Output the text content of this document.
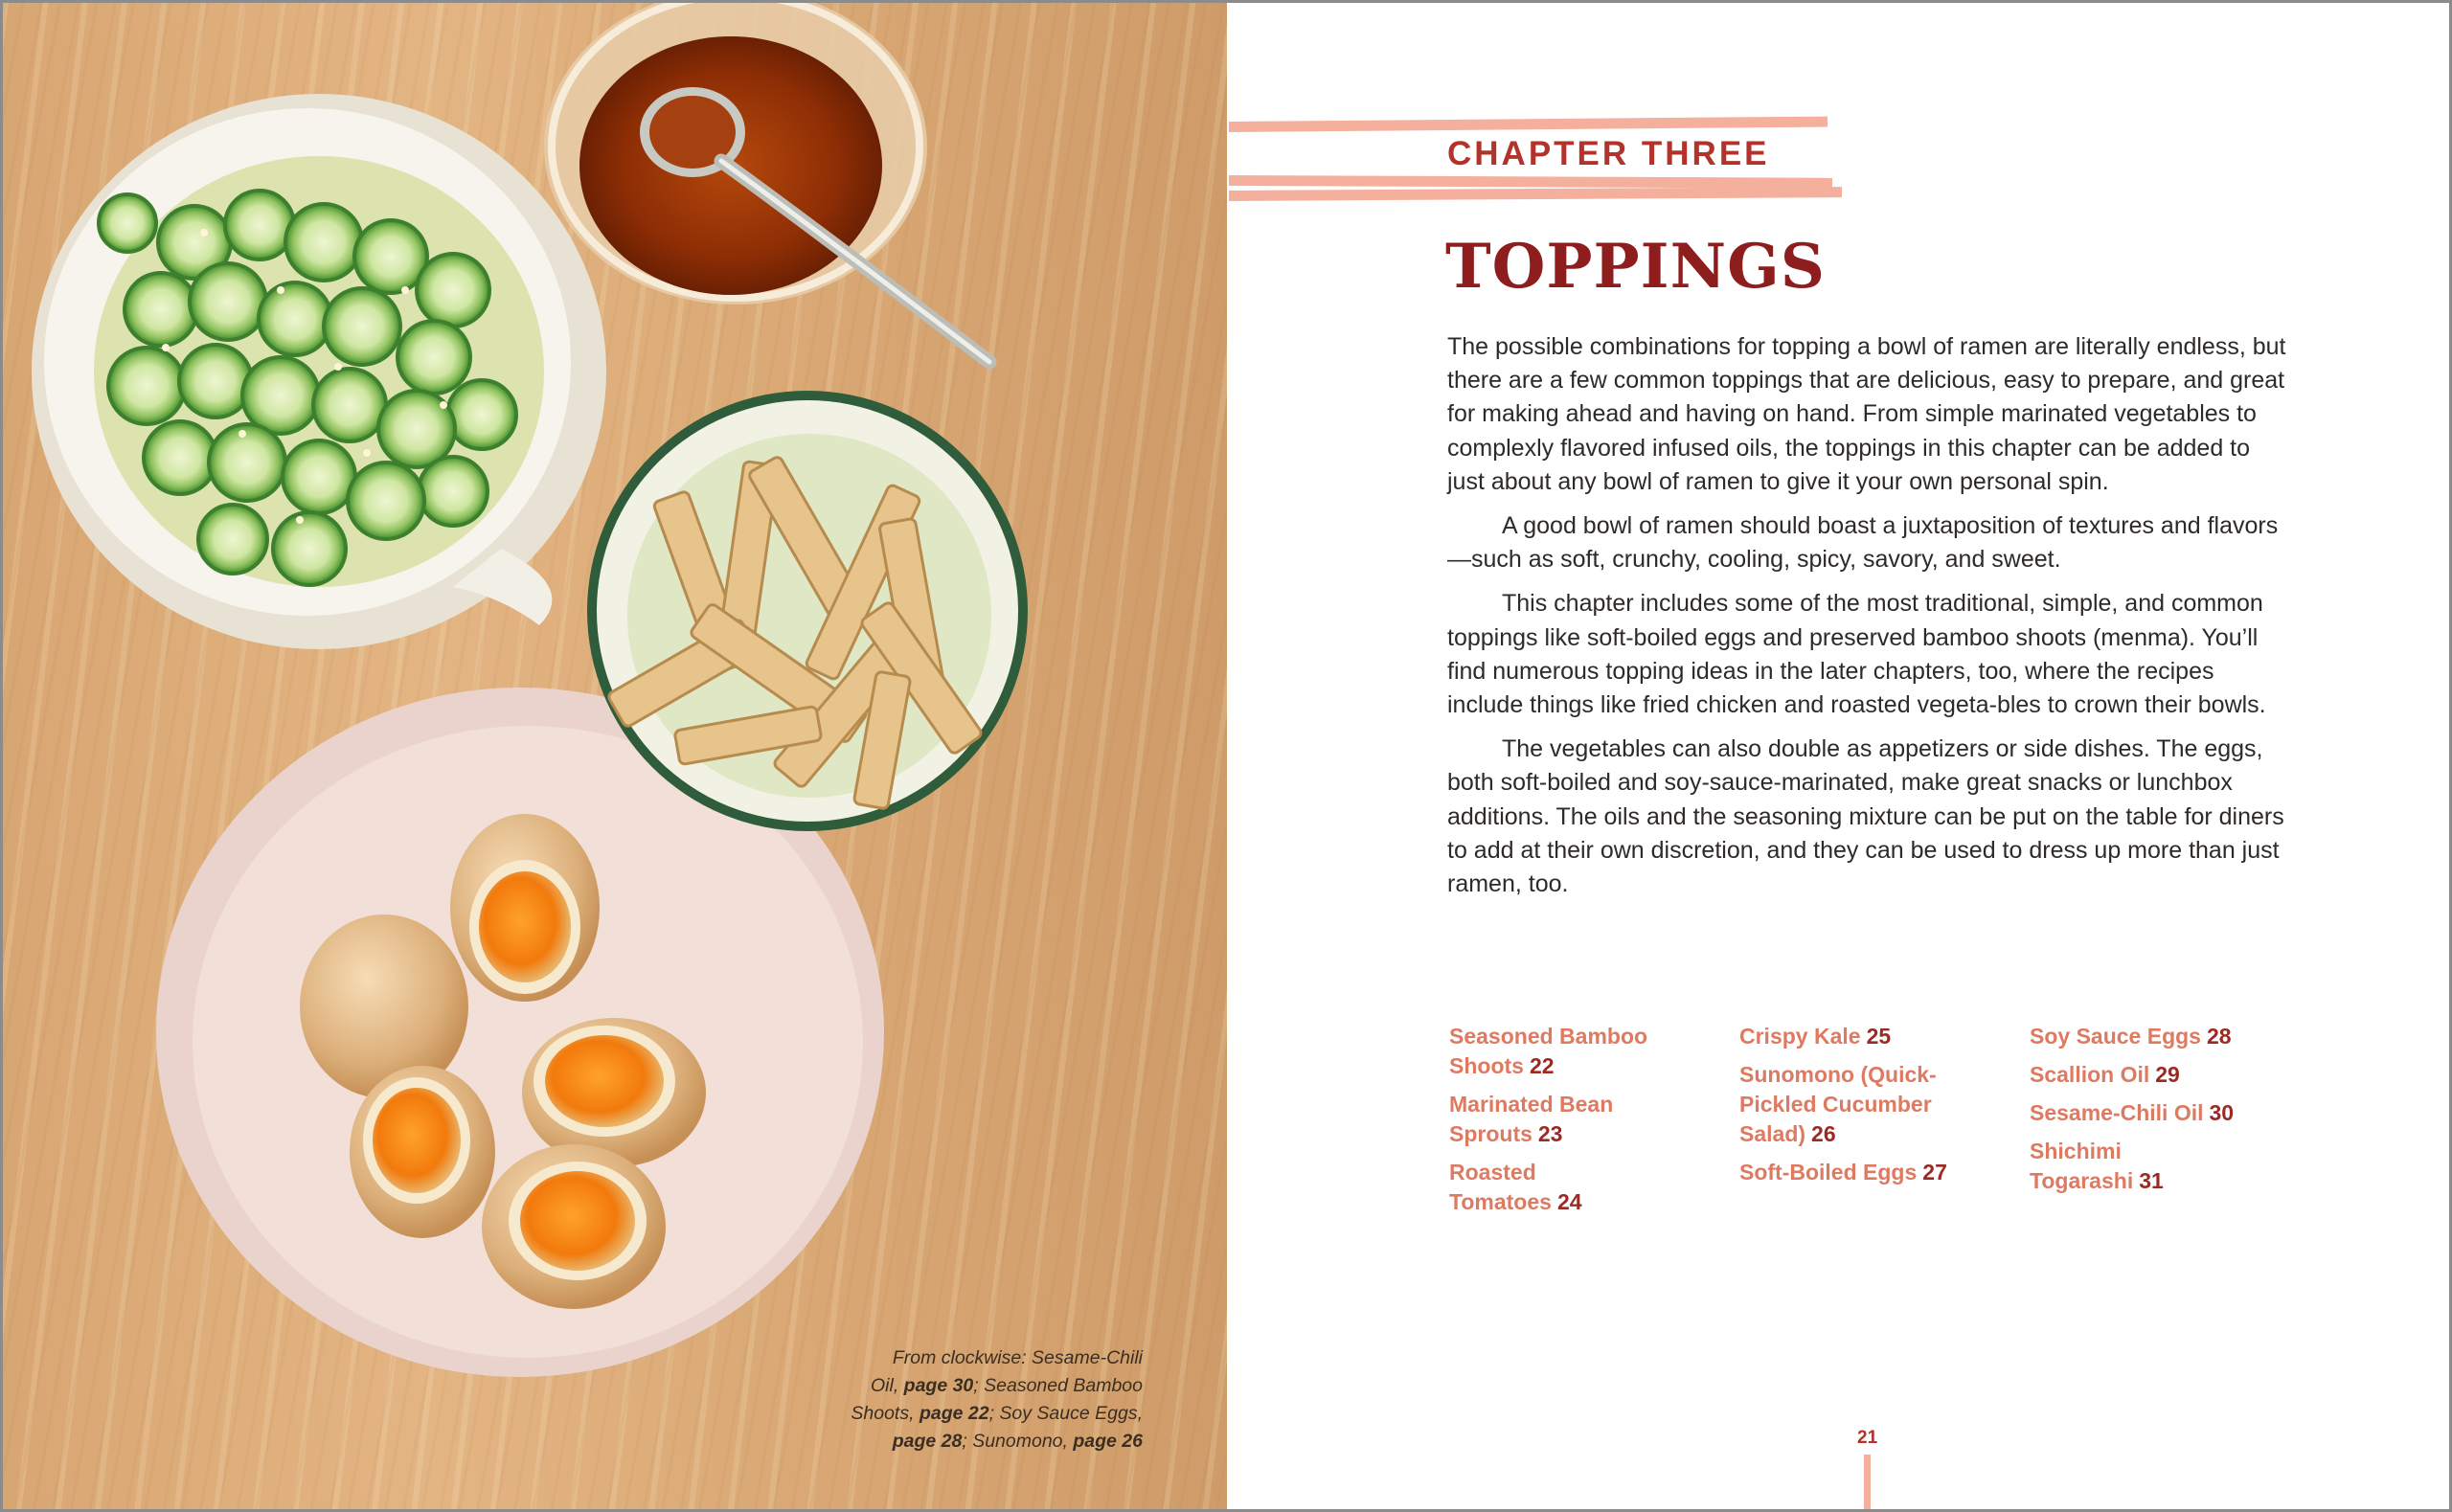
From clockwise: Sesame-Chili
Oil, page 30; Seasoned Bamboo
Shoots, page 22; Soy Sauce Eggs,
page 28; Sunomono, page 26
CHAPTER THREE
TOPPINGS

The possible combinations for topping a bowl of ramen are literally endless, but there are a few common toppings that are delicious, easy to prepare, and great for making ahead and having on hand. From simple marinated vegetables to complexly flavored infused oils, the toppings in this chapter can be added to just about any bowl of ramen to give it your own personal spin.

A good bowl of ramen should boast a juxtaposition of textures and flavors—such as soft, crunchy, cooling, spicy, savory, and sweet.

This chapter includes some of the most traditional, simple, and common toppings like soft-boiled eggs and preserved bamboo shoots (menma). You’ll find numerous topping ideas in the later chapters, too, where the recipes include things like fried chicken and roasted vegeta-bles to crown their bowls.

The vegetables can also double as appetizers or side dishes. The eggs, both soft-boiled and soy-sauce-marinated, make great snacks or lunchbox additions. The oils and the seasoning mixture can be put on the table for diners to add at their own discretion, and they can be used to dress up more than just ramen, too.

Seasoned Bamboo Shoots 22
Marinated Bean Sprouts 23
Roasted Tomatoes 24
Crispy Kale 25
Sunomono (Quick-Pickled Cucumber Salad) 26
Soft-Boiled Eggs 27
Soy Sauce Eggs 28
Scallion Oil 29
Sesame-Chili Oil 30
Shichimi Togarashi 31
21
